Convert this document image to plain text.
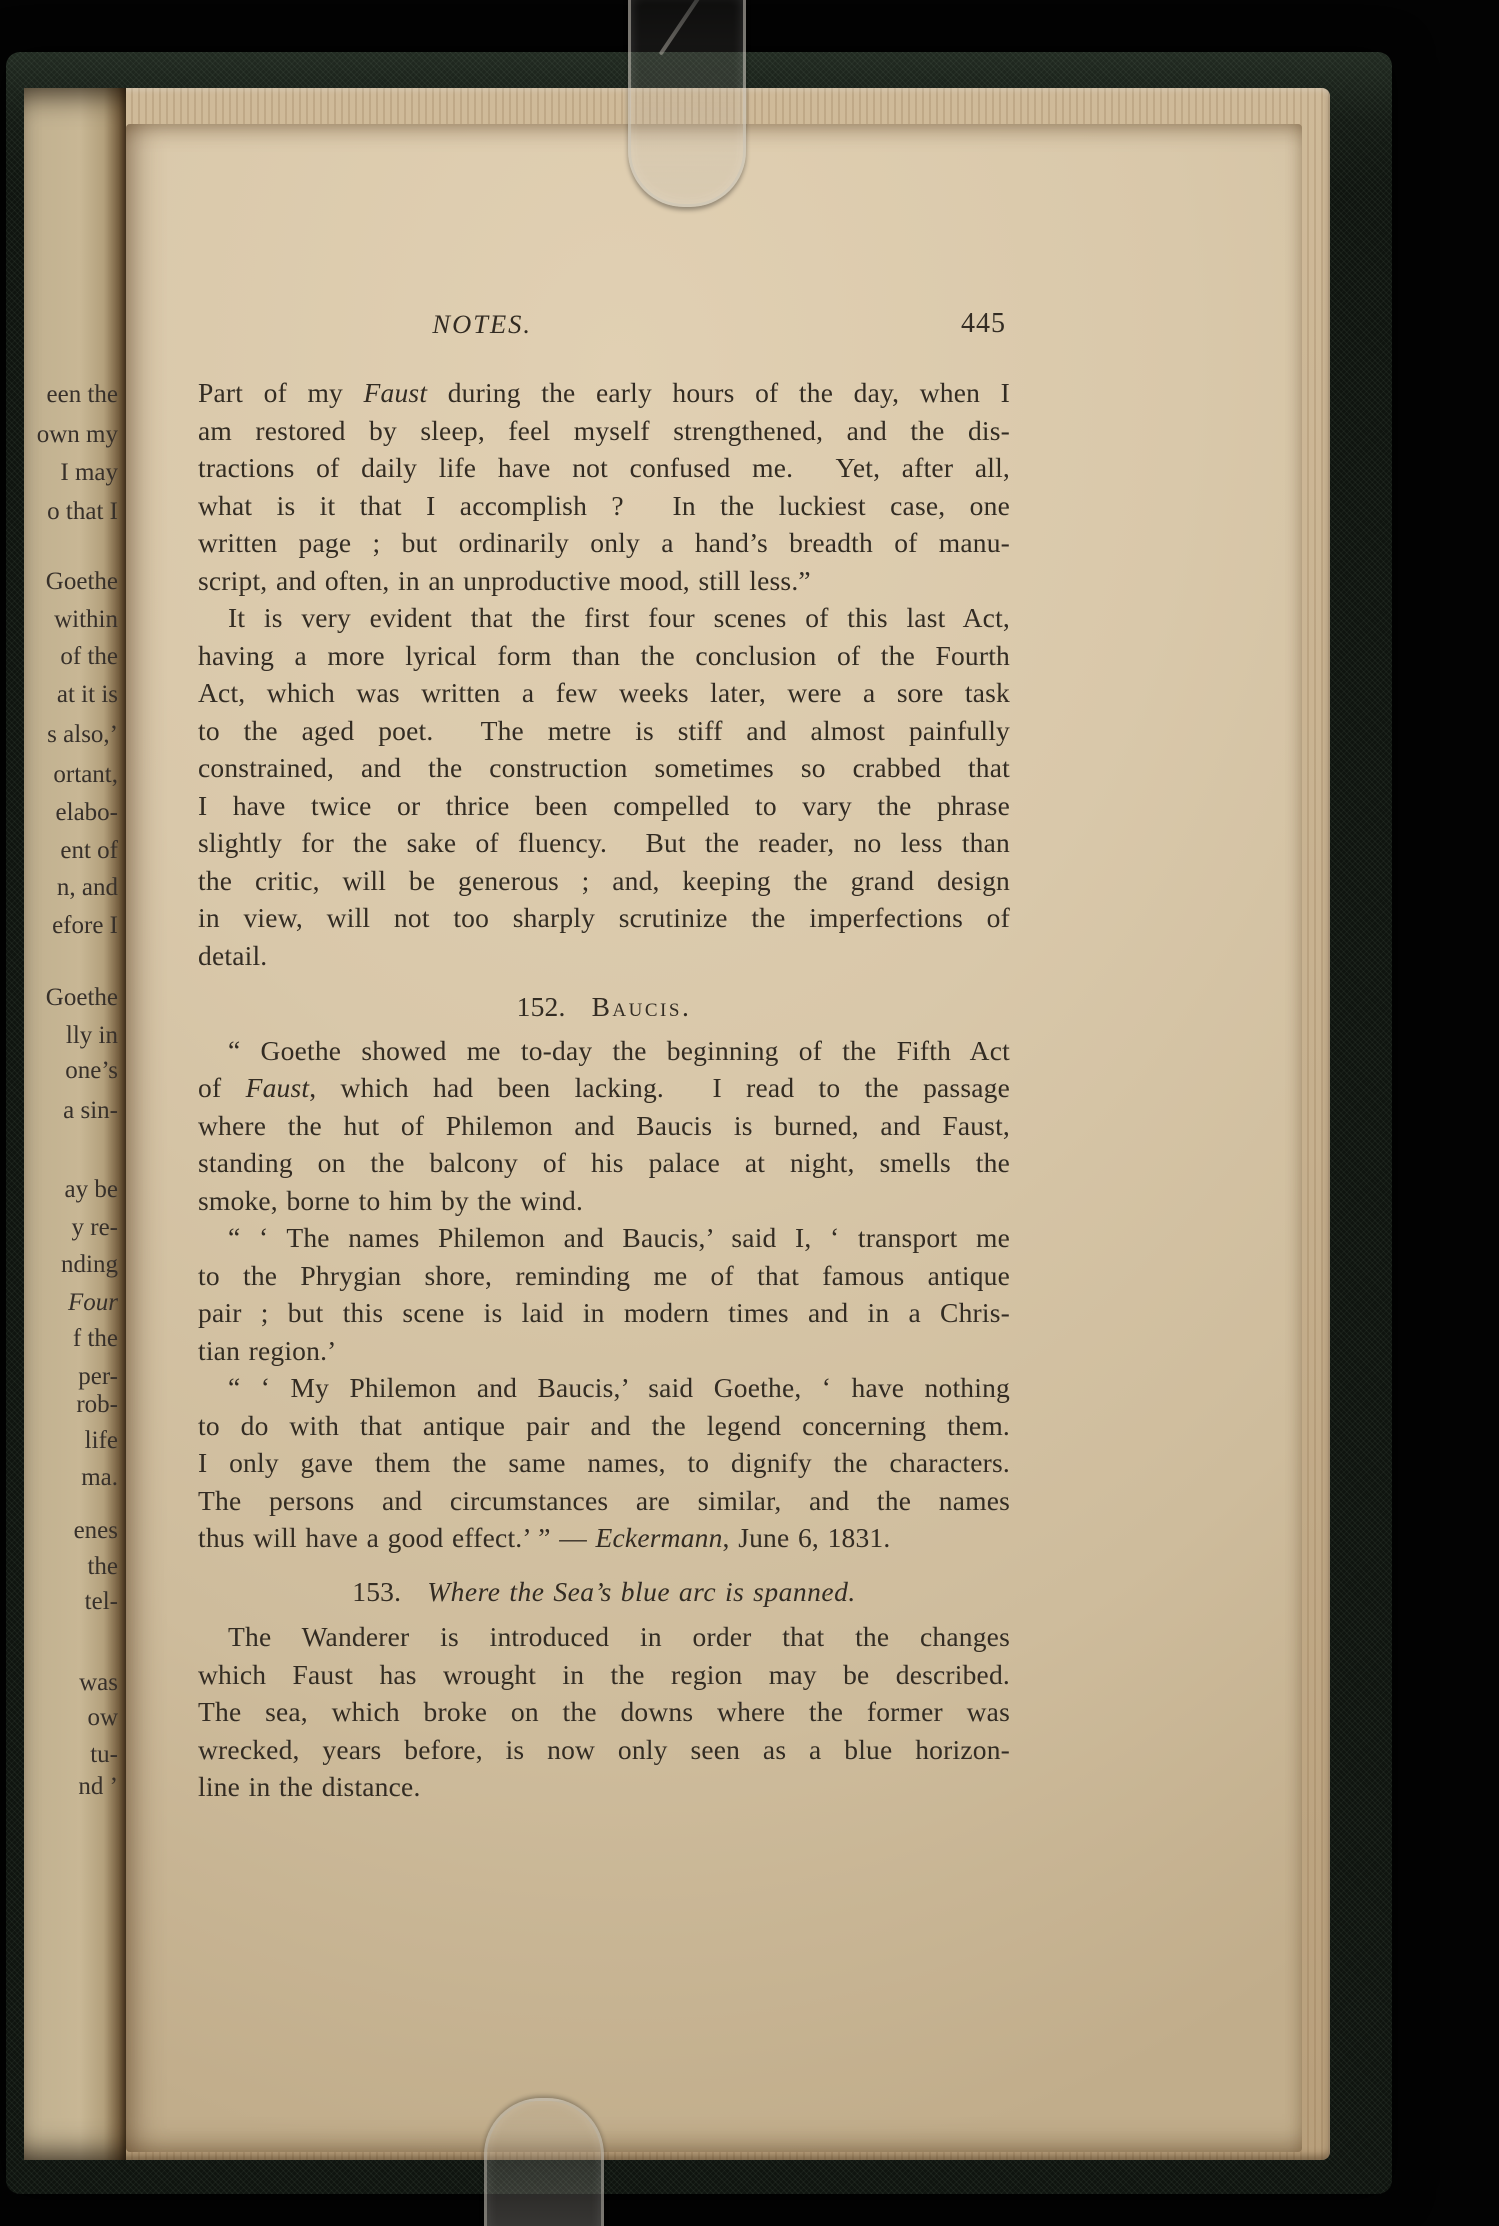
een the
own my
I may
o that I
Goethe
within
of the
at it is
s also,’
ortant,
elabo-
ent of
n, and
efore I
Goethe
lly in
one’s
a sin-
ay be
y re-
nding
Four
f the
per-
rob-
life
ma.
enes
the
tel-
was
ow
tu-
nd ’
NOTES.	445
Part of my Faust during the early hours of the day, when I
am restored by sleep, feel myself strengthened, and the dis-
tractions of daily life have not confused me.  Yet, after all,
what is it that I accomplish ?  In the luckiest case, one
written page ; but ordinarily only a hand’s breadth of manu-
script, and often, in an unproductive mood, still less.”
It is very evident that the first four scenes of this last Act,
having a more lyrical form than the conclusion of the Fourth
Act, which was written a few weeks later, were a sore task
to the aged poet.  The metre is stiff and almost painfully
constrained, and the construction sometimes so crabbed that
I have twice or thrice been compelled to vary the phrase
slightly for the sake of fluency.  But the reader, no less than
the critic, will be generous ; and, keeping the grand design
in view, will not too sharply scrutinize the imperfections of
detail.
152. Baucis.
“ Goethe showed me to-day the beginning of the Fifth Act
of Faust, which had been lacking.  I read to the passage
where the hut of Philemon and Baucis is burned, and Faust,
standing on the balcony of his palace at night, smells the
smoke, borne to him by the wind.
“ ‘ The names Philemon and Baucis,’ said I, ‘ transport me
to the Phrygian shore, reminding me of that famous antique
pair ; but this scene is laid in modern times and in a Chris-
tian region.’
“ ‘ My Philemon and Baucis,’ said Goethe, ‘ have nothing
to do with that antique pair and the legend concerning them.
I only gave them the same names, to dignify the characters.
The persons and circumstances are similar, and the names
thus will have a good effect.’ ” — Eckermann, June 6, 1831.
153. Where the Sea’s blue arc is spanned.
The Wanderer is introduced in order that the changes
which Faust has wrought in the region may be described.
The sea, which broke on the downs where the former was
wrecked, years before, is now only seen as a blue horizon-
line in the distance.
